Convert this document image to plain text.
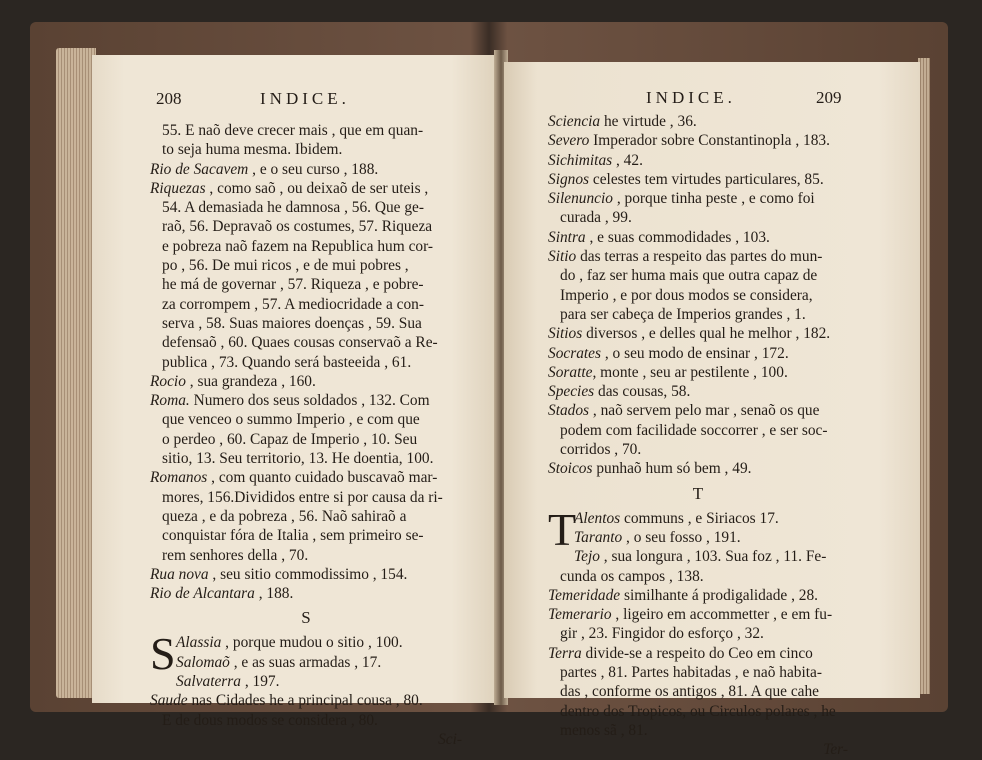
208	INDICE.
55. E naõ deve crecer mais , que em quan-
to seja huma mesma. Ibidem.
Rio de Sacavem , e o seu curso , 188.
Riquezas , como saõ , ou deixaõ de ser uteis ,
54. A demasiada he damnosa , 56. Que ge-
raõ, 56. Depravaõ os costumes, 57. Riqueza
e pobreza naõ fazem na Republica hum cor-
po , 56. De mui ricos , e de mui pobres ,
he má de governar , 57. Riqueza , e pobre-
za corrompem , 57. A mediocridade a con-
serva , 58. Suas maiores doenças , 59. Sua
defensaõ , 60. Quaes cousas conservaõ a Re-
publica , 73. Quando será basteeida , 61.
Rocio , sua grandeza , 160.
Roma. Numero dos seus soldados , 132. Com
que venceo o summo Imperio , e com que
o perdeo , 60. Capaz de Imperio , 10. Seu
sitio, 13. Seu territorio, 13. He doentia, 100.
Romanos , com quanto cuidado buscavaõ mar-
mores, 156.Divididos entre si por causa da ri-
queza , e da pobreza , 56. Naõ sahiraõ a
conquistar fóra de Italia , sem primeiro se-
rem senhores della , 70.
Rua nova , seu sitio commodissimo , 154.
Rio de Alcantara , 188.
S
S Alassia , porque mudou o sitio , 100.
Salomaõ , e as suas armadas , 17.
Salvaterra , 197.
Saude nas Cidades he a principal cousa , 80.
E de dous modos se considera , 80.
Sci-
INDICE.	209
Sciencia he virtude , 36.
Severo Imperador sobre Constantinopla , 183.
Sichimitas , 42.
Signos celestes tem virtudes particulares, 85.
Silenuncio , porque tinha peste , e como foi
curada , 99.
Sintra , e suas commodidades , 103.
Sitio das terras a respeito das partes do mun-
do , faz ser huma mais que outra capaz de
Imperio , e por dous modos se considera,
para ser cabeça de Imperios grandes , 1.
Sitios diversos , e delles qual he melhor , 182.
Socrates , o seu modo de ensinar , 172.
Soratte, monte , seu ar pestilente , 100.
Species das cousas, 58.
Stados , naõ servem pelo mar , senaõ os que
podem com facilidade soccorrer , e ser soc-
corridos , 70.
Stoicos punhaõ hum só bem , 49.
T
T
Alentos communs , e Siriacos 17.
Taranto , o seu fosso , 191.
Tejo , sua longura , 103. Sua foz , 11. Fe-
cunda os campos , 138.
Temeridade similhante á prodigalidade , 28.
Temerario , ligeiro em accommetter , e em fu-
gir , 23. Fingidor do esforço , 32.
Terra divide-se a respeito do Ceo em cinco
partes , 81. Partes habitadas , e naõ habita-
das , conforme os antigos , 81. A que cahe
dentro dos Tropicos, ou Circulos polares , he
menos sã , 81.
Ter-
